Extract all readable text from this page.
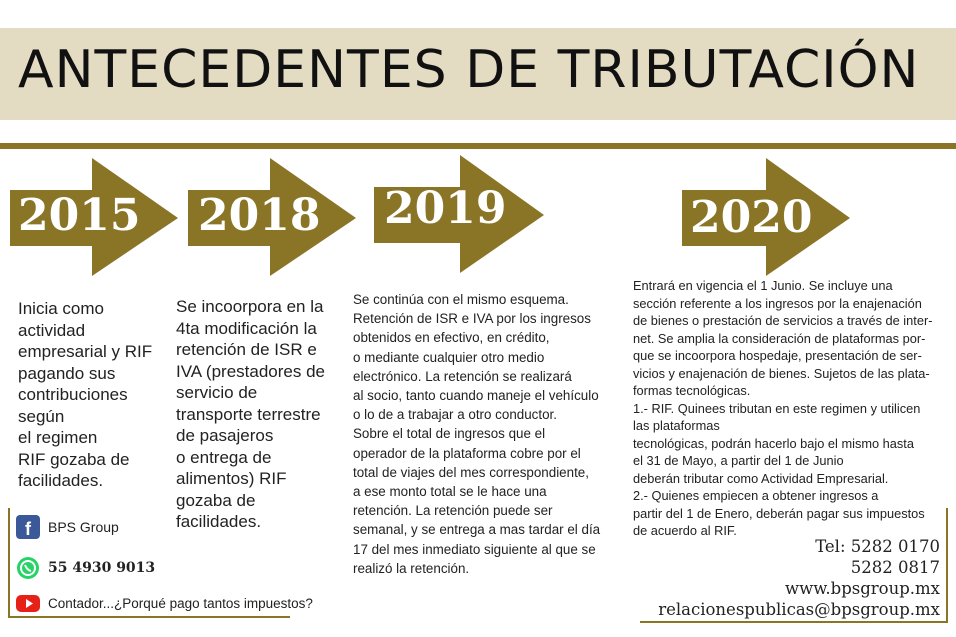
ANTECEDENTES DE TRIBUTACIÓN
2015 2018 2019	2020
Inicia como
actividad
empresarial y RIF
pagando sus
contribuciones
según
el regimen
RIF gozaba de
facilidades.
Se incoorpora en la
4ta modificación la
retención de ISR e
IVA (prestadores de
servicio de
transporte terrestre
de pasajeros
o entrega de
alimentos) RIF
gozaba de
facilidades.
Se continúa con el mismo esquema.
Retención de ISR e IVA por los ingresos
obtenidos en efectivo, en crédito,
o mediante cualquier otro medio
electrónico. La retención se realizará
al socio, tanto cuando maneje el vehículo
o lo de a trabajar a otro conductor.
Sobre el total de ingresos que el
operador de la plataforma cobre por el
total de viajes del mes correspondiente,
a ese monto total se le hace una
retención. La retención puede ser
semanal, y se entrega a mas tardar el día
17 del mes inmediato siguiente al que se
realizó la retención.
Entrará en vigencia el 1 Junio. Se incluye una
sección referente a los ingresos por la enajenación
de bienes o prestación de servicios a través de inter-
net. Se amplia la consideración de plataformas por-
que se incoorpora hospedaje, presentación de ser-
vicios y enajenación de bienes. Sujetos de las plata-
formas tecnológicas.
1.- RIF. Quinees tributan en este regimen y utilicen
las plataformas
tecnológicas, podrán hacerlo bajo el mismo hasta
el 31 de Mayo, a partir del 1 de Junio
deberán tributar como Actividad Empresarial.
2.- Quienes empiecen a obtener ingresos a
partir del 1 de Enero, deberán pagar sus impuestos
de acuerdo al RIF.
f BPS Group
55 4930 9013
Contador...¿Porqué pago tantos impuestos?
Tel: 5282 0170
5282 0817
www.bpsgroup.mx
relacionespublicas@bpsgroup.mx
